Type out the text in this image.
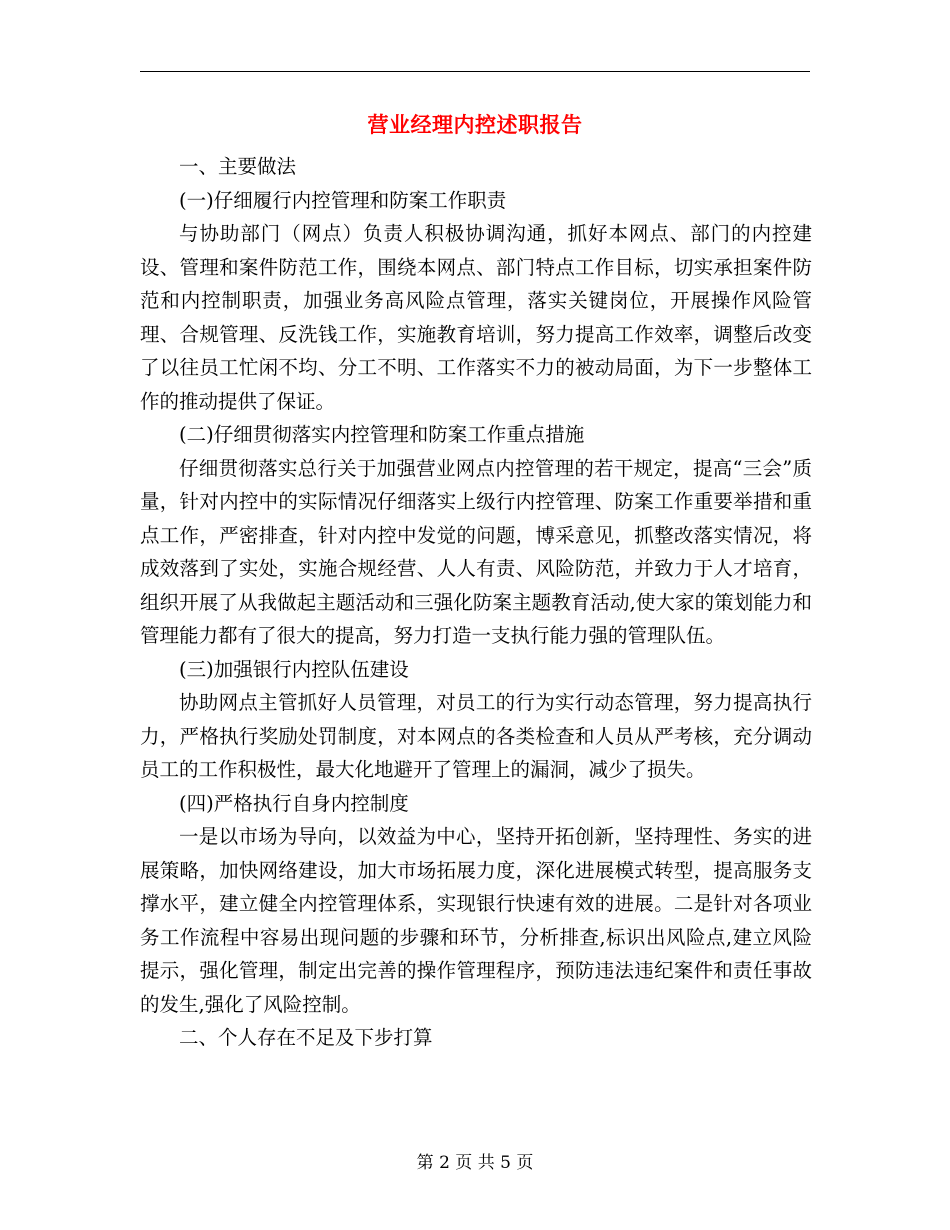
营业经理内控述职报告

一、主要做法

(一)仔细履行内控管理和防案工作职责

与协助部门（网点）负责人积极协调沟通，抓好本网点、部门的内控建设、管理和案件防范工作，围绕本网点、部门特点工作目标，切实承担案件防范和内控制职责，加强业务高风险点管理，落实关键岗位，开展操作风险管理、合规管理、反洗钱工作，实施教育培训，努力提高工作效率，调整后改变了以往员工忙闲不均、分工不明、工作落实不力的被动局面，为下一步整体工作的推动提供了保证。

(二)仔细贯彻落实内控管理和防案工作重点措施

仔细贯彻落实总行关于加强营业网点内控管理的若干规定，提高“三会”质量，针对内控中的实际情况仔细落实上级行内控管理、防案工作重要举措和重点工作，严密排查，针对内控中发觉的问题，博采意见，抓整改落实情况，将成效落到了实处，实施合规经营、人人有责、风险防范，并致力于人才培育，组织开展了从我做起主题活动和三强化防案主题教育活动,使大家的策划能力和管理能力都有了很大的提高，努力打造一支执行能力强的管理队伍。

(三)加强银行内控队伍建设

协助网点主管抓好人员管理，对员工的行为实行动态管理，努力提高执行力，严格执行奖励处罚制度，对本网点的各类检查和人员从严考核，充分调动员工的工作积极性，最大化地避开了管理上的漏洞，减少了损失。

(四)严格执行自身内控制度

一是以市场为导向，以效益为中心，坚持开拓创新，坚持理性、务实的进展策略，加快网络建设，加大市场拓展力度，深化进展模式转型，提高服务支撑水平，建立健全内控管理体系，实现银行快速有效的进展。二是针对各项业务工作流程中容易出现问题的步骤和环节，分析排查,标识出风险点,建立风险提示，强化管理，制定出完善的操作管理程序，预防违法违纪案件和责任事故的发生,强化了风险控制。

二、个人存在不足及下步打算

第 2 页 共 5 页
